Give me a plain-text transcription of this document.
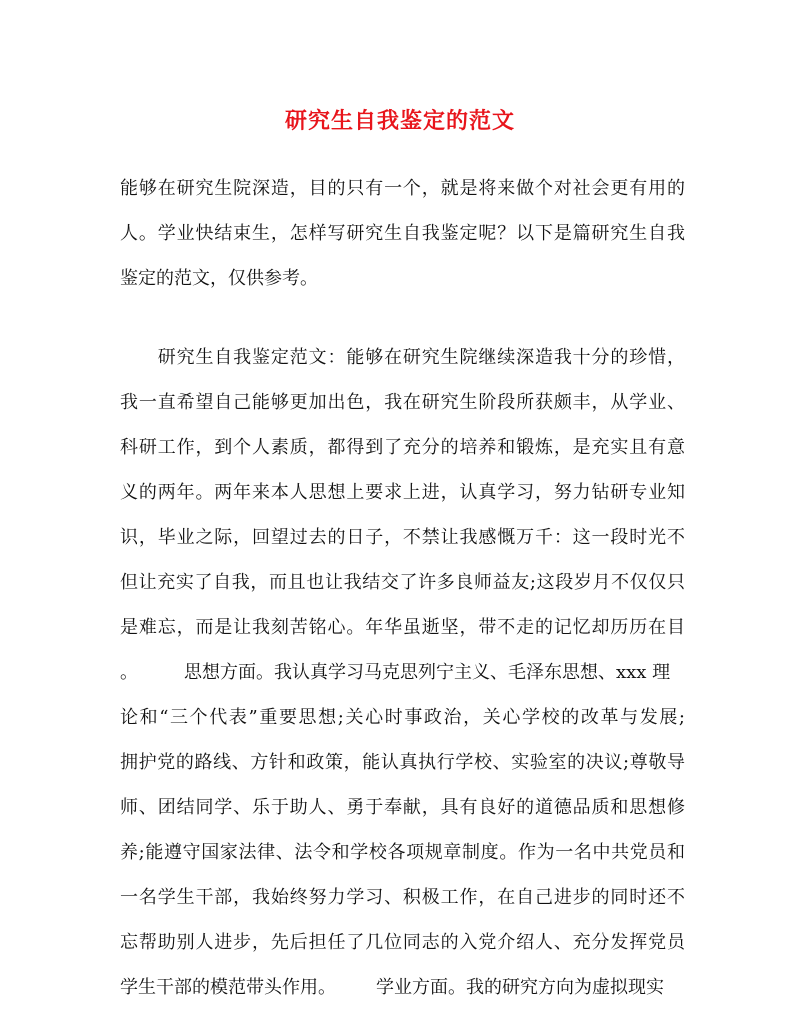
研究生自我鉴定的范文
能够在研究生院深造，目的只有一个，就是将来做个对社会更有用的
人。学业快结束生，怎样写研究生自我鉴定呢？以下是篇研究生自我
鉴定的范文，仅供参考。
　　研究生自我鉴定范文：能够在研究生院继续深造我十分的珍惜，
我一直希望自己能够更加出色，我在研究生阶段所获颇丰，从学业、
科研工作，到个人素质，都得到了充分的培养和锻炼，是充实且有意
义的两年。两年来本人思想上要求上进，认真学习，努力钻研专业知
识，毕业之际，回望过去的日子，不禁让我感慨万千：这一段时光不
但让充实了自我，而且也让我结交了许多良师益友;这段岁月不仅仅只
是难忘，而是让我刻苦铭心。年华虽逝坚，带不走的记忆却历历在目
。	思想方面。我认真学习马克思列宁主义、毛泽东思想、xxx 理
论和“三个代表”重要思想;关心时事政治，关心学校的改革与发展;
拥护党的路线、方针和政策，能认真执行学校、实验室的决议;尊敬导
师、团结同学、乐于助人、勇于奉献，具有良好的道德品质和思想修
养;能遵守国家法律、法令和学校各项规章制度。作为一名中共党员和
一名学生干部，我始终努力学习、积极工作，在自己进步的同时还不
忘帮助别人进步，先后担任了几位同志的入党介绍人、充分发挥党员
学生干部的模范带头作用。 学业方面。我的研究方向为虚拟现实
